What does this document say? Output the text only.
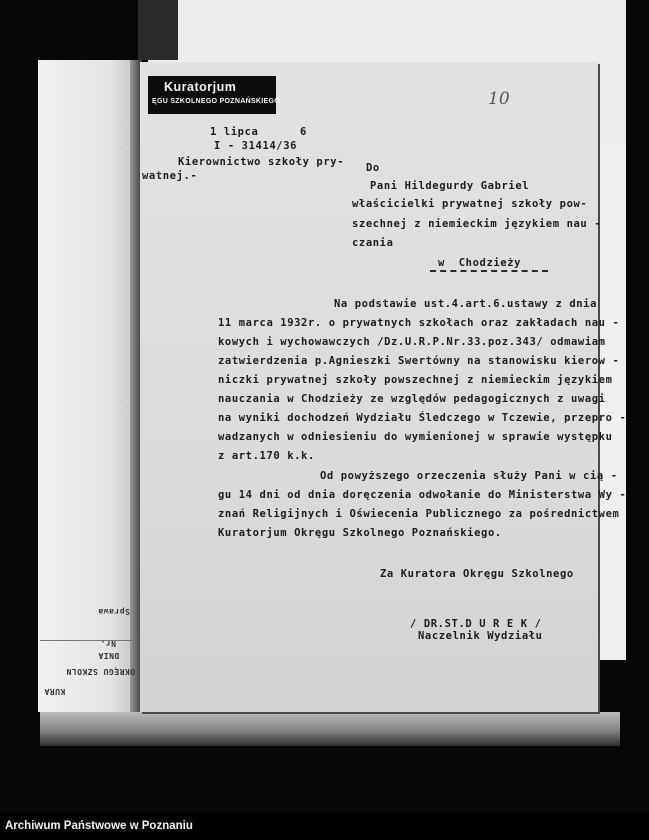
KURA
OKRĘGU SZKOLN
DNIA
Nr.
Sprawa
Kuratorjum
ĘGU SZKOLNEGO POZNAŃSKIEGO	10
1 lipca      6
I - 31414/36
Kierownictwo szkoły pry-
watnej.-
Do
Pani Hildegurdy Gabriel
właścicielki prywatnej szkoły pow-
szechnej z niemieckim językiem nau -
czania
w  Chodzieży
Na podstawie ust.4.art.6.ustawy z dnia
11 marca 1932r. o prywatnych szkołach oraz zakładach nau -
kowych i wychowawczych /Dz.U.R.P.Nr.33.poz.343/ odmawiam
zatwierdzenia p.Agnieszki Swertówny na stanowisku kierow -
niczki prywatnej szkoły powszechnej z niemieckim językiem
nauczania w Chodzieży ze względów pedagogicznych z uwagi
na wyniki dochodzeń Wydziału Śledczego w Tczewie, przepro -
wadzanych w odniesieniu do wymienionej w sprawie występku
z art.170 k.k.
Od powyższego orzeczenia służy Pani w cią -
gu 14 dni od dnia doręczenia odwołanie do Ministerstwa Wy -
znań Religijnych i Oświecenia Publicznego za pośrednictwem
Kuratorjum Okręgu Szkolnego Poznańskiego.
Za Kuratora Okręgu Szkolnego
/ DR.ST.D U R E K /
Naczelnik Wydziału
Archiwum Państwowe w Poznaniu
